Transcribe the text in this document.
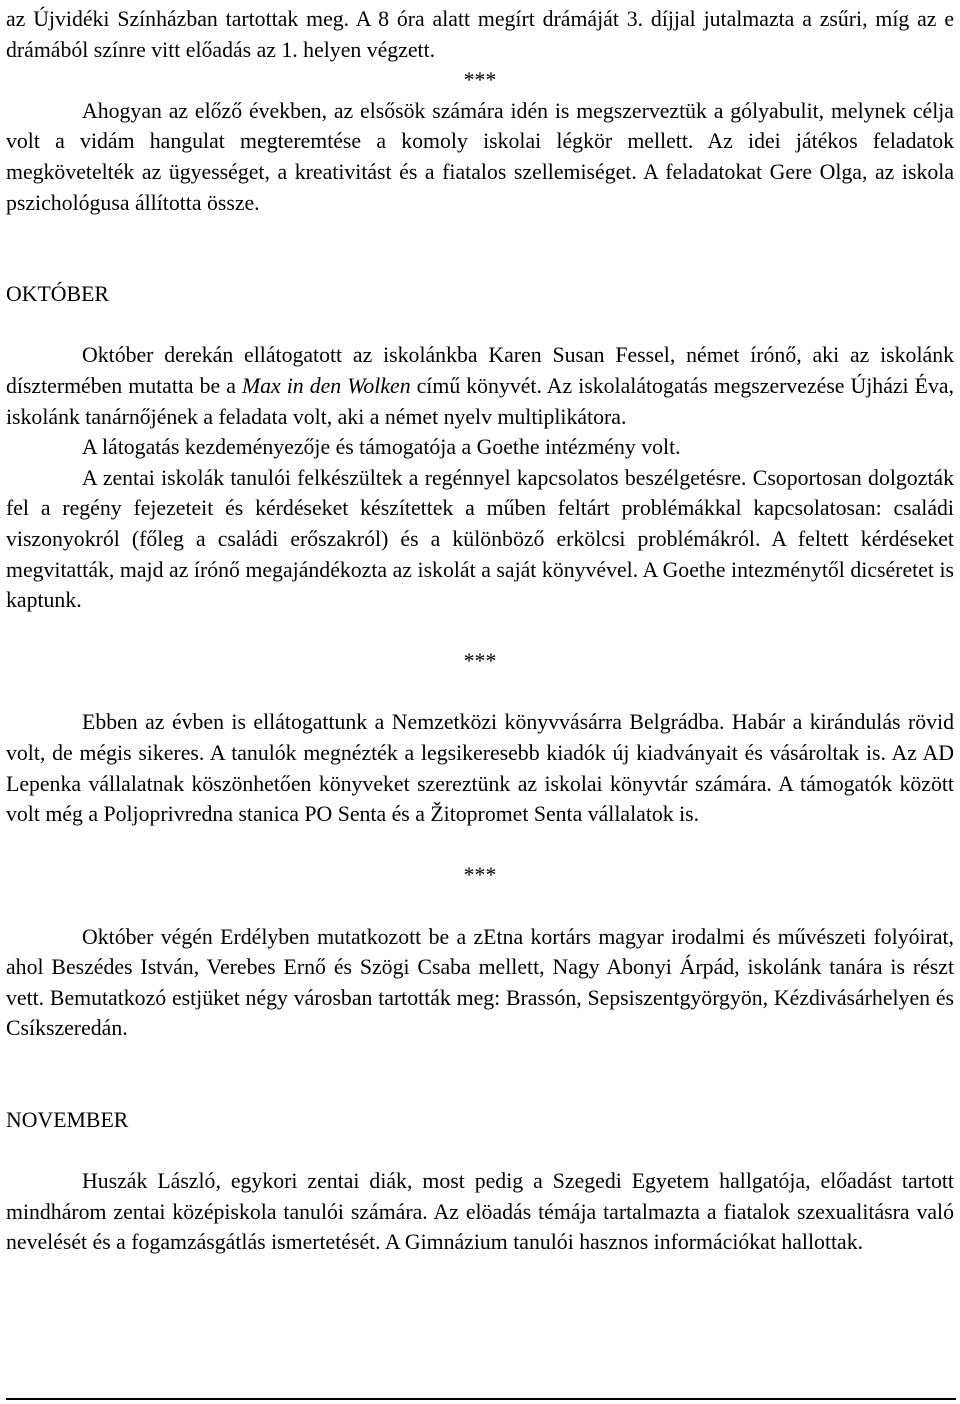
az Újvidéki Színházban tartottak meg. A 8 óra alatt megírt drámáját 3. díjjal jutalmazta a zsűri, míg az e drámából színre vitt előadás az 1. helyen végzett.

***

Ahogyan az előző években, az elsősök számára idén is megszerveztük a gólyabulit, melynek célja volt a vidám hangulat megteremtése a komoly iskolai légkör mellett. Az idei játékos feladatok megkövetelték az ügyességet, a kreativitást és a fiatalos szellemiséget. A feladatokat Gere Olga, az iskola pszichológusa állította össze.

OKTÓBER

Október derekán ellátogatott az iskolánkba Karen Susan Fessel, német írónő, aki az iskolánk dísztermében mutatta be a Max in den Wolken című könyvét. Az iskolalátogatás megszervezése Újházi Éva, iskolánk tanárnőjének a feladata volt, aki a német nyelv multiplikátora.

A látogatás kezdeményezője és támogatója a Goethe intézmény volt.

A zentai iskolák tanulói felkészültek a regénnyel kapcsolatos beszélgetésre. Csoportosan dolgozták fel a regény fejezeteit és kérdéseket készítettek a műben feltárt problémákkal kapcsolatosan: családi viszonyokról (főleg a családi erőszakról) és a különböző erkölcsi problémákról. A feltett kérdéseket megvitatták, majd az írónő megajándékozta az iskolát a saját könyvével. A Goethe intezménytől dicséretet is kaptunk.

***

Ebben az évben is ellátogattunk a Nemzetközi könyvvásárra Belgrádba. Habár a kirándulás rövid volt, de mégis sikeres. A tanulók megnézték a legsikeresebb kiadók új kiadványait és vásároltak is. Az AD Lepenka vállalatnak köszönhetően könyveket szereztünk az iskolai könyvtár számára. A támogatók között volt még a Poljoprivredna stanica PO Senta és a Žitopromet Senta vállalatok is.

***

Október végén Erdélyben mutatkozott be a zEtna kortárs magyar irodalmi és művészeti folyóirat, ahol Beszédes István, Verebes Ernő és Szögi Csaba mellett, Nagy Abonyi Árpád, iskolánk tanára is részt vett. Bemutatkozó estjüket négy városban tartották meg: Brassón, Sepsiszentgyörgyön, Kézdivásárhelyen és Csíkszeredán.

NOVEMBER

Huszák László, egykori zentai diák, most pedig a Szegedi Egyetem hallgatója, előadást tartott mindhárom zentai középiskola tanulói számára. Az elöadás témája tartalmazta a fiatalok szexualitásra való nevelését és a fogamzásgátlás ismertetését. A Gimnázium tanulói hasznos információkat hallottak.
